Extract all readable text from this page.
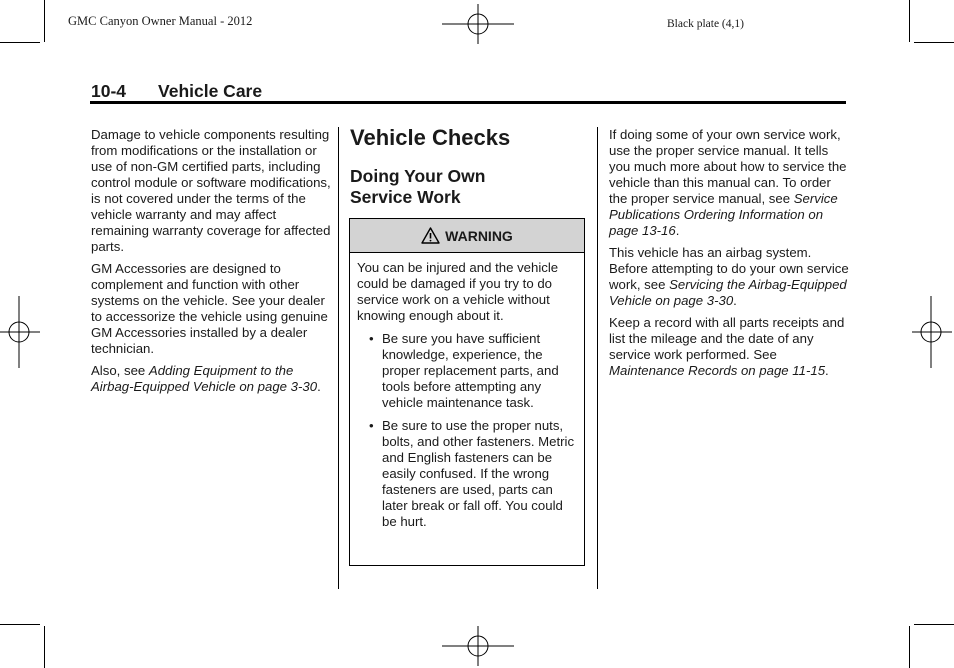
GMC Canyon Owner Manual - 2012	Black plate (4,1)
10-4 Vehicle Care

Damage to vehicle components resulting from modifications or the installation or use of non-GM certified parts, including control module or software modifications, is not covered under the terms of the vehicle warranty and may affect remaining warranty coverage for affected parts.

GM Accessories are designed to complement and function with other systems on the vehicle. See your dealer to accessorize the vehicle using genuine GM Accessories installed by a dealer technician.

Also, see Adding Equipment to the Airbag-Equipped Vehicle on page 3-30.

Vehicle Checks
Doing Your Own Service Work
WARNING

You can be injured and the vehicle could be damaged if you try to do service work on a vehicle without knowing enough about it.

• Be sure you have sufficient knowledge, experience, the proper replacement parts, and tools before attempting any vehicle maintenance task.
• Be sure to use the proper nuts, bolts, and other fasteners. Metric and English fasteners can be easily confused. If the wrong fasteners are used, parts can later break or fall off. You could be hurt.

If doing some of your own service work, use the proper service manual. It tells you much more about how to service the vehicle than this manual can. To order the proper service manual, see Service Publications Ordering Information on page 13-16.

This vehicle has an airbag system. Before attempting to do your own service work, see Servicing the Airbag-Equipped Vehicle on page 3-30.

Keep a record with all parts receipts and list the mileage and the date of any service work performed. See Maintenance Records on page 11-15.
